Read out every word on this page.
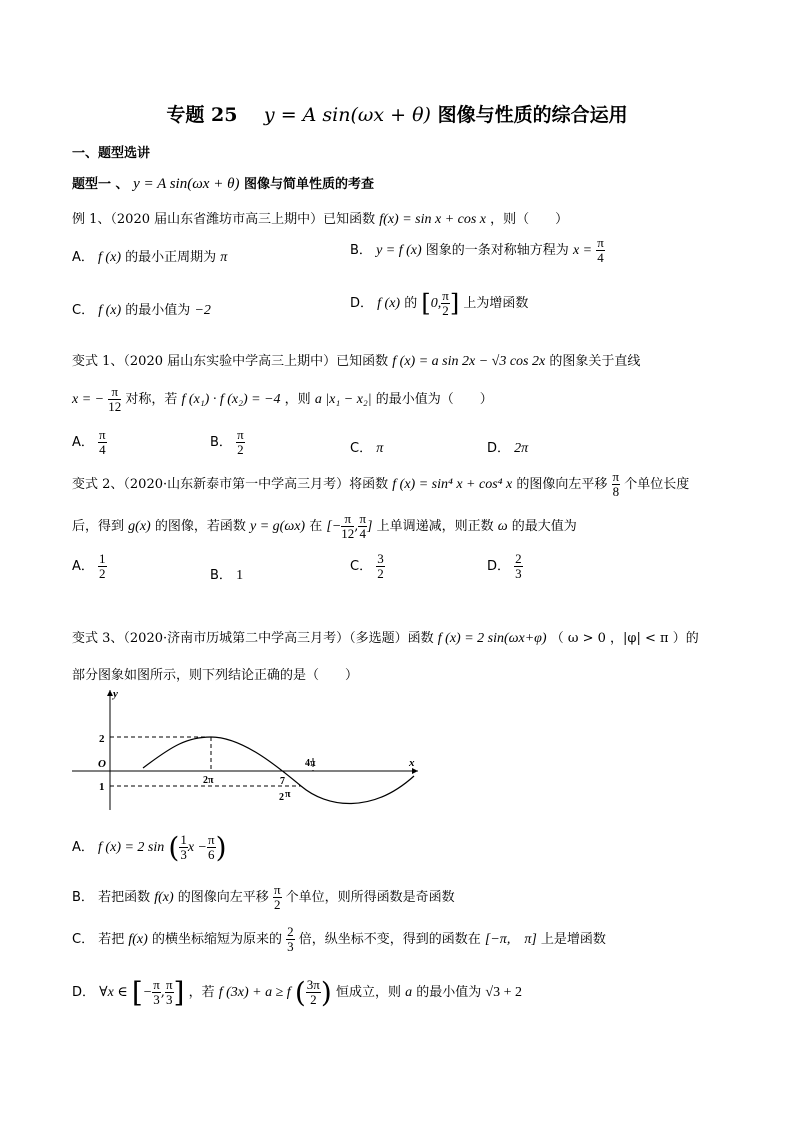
专题 25 y = A sin(ωx + θ) 图像与性质的综合运用
一、题型选讲
题型一 、 y = A sin(ωx + θ) 图像与简单性质的考查
例 1、（2020 届山东省潍坊市高三上期中）已知函数 f(x) = sin x + cos x ，则（　　）
A． f (x) 的最小正周期为 π	B． y = f (x) 图象的一条对称轴方程为 $x = \frac{\pi}{4}$
C． f (x) 的最小值为 −2	D． f (x) 的 [0, $\frac{\pi}{2}$ ] 上为增函数
变式 1、（2020 届山东实验中学高三上期中）已知函数 f (x) = a sin 2x − √3 cos 2x 的图象关于直线
x = − $\frac{\pi}{12}$ 对称，若 f (x₁) · f (x₂) = −4 ，则 a |x₁ − x₂| 的最小值为（　　）
A． $\frac{\pi}{4}$	B． $\frac{\pi}{2}$	C． π	D． 2π
变式 2、（2020·山东新泰市第一中学高三月考）将函数 f (x) = sin⁴ x + cos⁴ x 的图像向左平移 $\frac{\pi}{8}$ 个单位长度
后，得到 g(x) 的图像，若函数 y = g(ωx) 在 [− $\frac{\pi}{12}$ , $\frac{\pi}{4}$ ] 上单调递减，则正数 ω 的最大值为
A． $\frac{1}{2}$	B． 1
C． $\frac{3}{2}$	D． $\frac{2}{3}$
变式 3、（2020·济南市历城第二中学高三月考）（多选题）函数 f (x) = 2 sin(ωx+φ) （ ω > 0 ，|φ| < π ）的
部分图象如图所示，则下列结论正确的是（　　）
y
x
O
2
1
2π
4π
7
2 π
A． f (x) = 2 sin ( $\frac{1}{3}$ $x - \frac{\pi}{6}$ )
B． 若把函数 f(x) 的图像向左平移 $\frac{\pi}{2}$ 个单位，则所得函数是奇函数
C． 若把 f(x) 的横坐标缩短为原来的 $\frac{2}{3}$ 倍，纵坐标不变，得到的函数在 [−π,　π] 上是增函数
D． ∀x ∈ [− $\frac{\pi}{3}$ , $\frac{\pi}{3}$ ] ，若 f (3x) + a ≥ f ( $\frac{3\pi}{2}$ ) 恒成立，则 a 的最小值为 √3 + 2
